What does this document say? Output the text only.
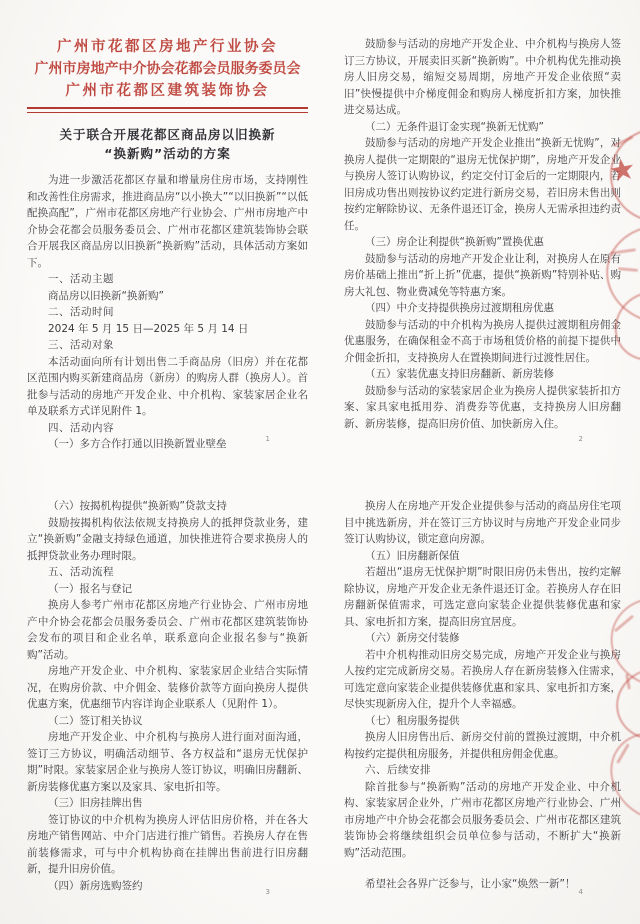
广州市花都区房地产行业协会
广州市房地产中介协会花都会员服务委员会
广州市花都区建筑装饰协会
关于联合开展花都区商品房以旧换新
“换新购”活动的方案
为进一步激活花都区存量和增量房住房市场，支持刚性和改善性住房需求，推进商品房“以小换大”“以旧换新”“以低配换高配”，广州市花都区房地产行业协会、广州市房地产中介协会花都会员服务委员会、广州市花都区建筑装饰协会联合开展我区商品房以旧换新“换新购”活动，具体活动方案如下。
一、活动主题
商品房以旧换新“换新购”
二、活动时间
2024 年 5 月 15 日—2025 年 5 月 14 日
三、活动对象
本活动面向所有计划出售二手商品房（旧房）并在花都区范围内购买新建商品房（新房）的购房人群（换房人）。首批参与活动的房地产开发企业、中介机构、家装家居企业名单及联系方式详见附件 1。
四、活动内容
（一）多方合作打通以旧换新置业壁垒	1
鼓励参与活动的房地产开发企业、中介机构与换房人签订三方协议，开展卖旧买新“换新购”。中介机构优先推动换房人旧房交易，缩短交易周期，房地产开发企业依照“卖旧”快慢提供中介梯度佣金和购房人梯度折扣方案，加快推进交易达成。
（二）无条件退订金实现“换新无忧购”
鼓励参与活动的房地产开发企业推出“换新无忧购”，对换房人提供一定期限的“退房无忧保护期”，房地产开发企业与换房人签订认购协议，约定交付订金后的一定期限内，若旧房成功售出则按协议约定进行新房交易，若旧房未售出则按约定解除协议、无条件退还订金，换房人无需承担违约责任。
（三）房企让利提供“换新购”置换优惠
鼓励参与活动的房地产开发企业让利，对换房人在原有房价基础上推出“折上折”优惠，提供“换新购”特别补贴、购房大礼包、物业费减免等特惠方案。
（四）中介支持提供换房过渡期租房优惠
鼓励参与活动的中介机构为换房人提供过渡期租房佣金优惠服务，在确保租金不高于市场租赁价格的前提下提供中介佣金折扣，支持换房人在置换期间进行过渡性居住。
（五）家装优惠支持旧房翻新、新房装修
鼓励参与活动的家装家居企业为换房人提供家装折扣方案、家具家电抵用券、消费券等优惠，支持换房人旧房翻新、新房装修，提高旧房价值、加快新房入住。
2
（六）按揭机构提供“换新购”贷款支持
鼓励按揭机构依法依规支持换房人的抵押贷款业务，建立“换新购”金融支持绿色通道，加快推进符合要求换房人的抵押贷款业务办理时限。
五、活动流程
（一）报名与登记
换房人参考广州市花都区房地产行业协会、广州市房地产中介协会花都会员服务委员会、广州市花都区建筑装饰协会发布的项目和企业名单，联系意向企业报名参与“换新购”活动。
房地产开发企业、中介机构、家装家居企业结合实际情况，在购房价款、中介佣金、装修价款等方面向换房人提供优惠方案，优惠细节内容详询企业联系人（见附件 1）。
（二）签订相关协议
房地产开发企业、中介机构与换房人进行面对面沟通，签订三方协议，明确活动细节、各方权益和“退房无忧保护期”时限。家装家居企业与换房人签订协议，明确旧房翻新、新房装修优惠方案以及家具、家电折扣等。
（三）旧房挂牌出售
签订协议的中介机构为换房人评估旧房价格，并在各大房地产销售网站、中介门店进行推广销售。若换房人存在售前装修需求，可与中介机构协商在挂牌出售前进行旧房翻新，提升旧房价值。
（四）新房选购签约
3
换房人在房地产开发企业提供参与活动的商品房住宅项目中挑选新房，并在签订三方协议时与房地产开发企业同步签订认购协议，锁定意向房源。
（五）旧房翻新保值
若超出“退房无忧保护期”时限旧房仍未售出，按约定解除协议，房地产开发企业无条件退还订金。若换房人存在旧房翻新保值需求，可选定意向家装企业提供装修优惠和家具、家电折扣方案，提高旧房宜居度。
（六）新房交付装修
若中介机构推动旧房交易完成，房地产开发企业与换房人按约定完成新房交易。若换房人存在新房装修入住需求，可选定意向家装企业提供装修优惠和家具、家电折扣方案，尽快实现新房入住，提升个人幸福感。
（七）租房服务提供
换房人旧房售出后、新房交付前的置换过渡期，中介机构按约定提供租房服务，并提供租房佣金优惠。
六、后续安排
除首批参与“换新购”活动的房地产开发企业、中介机构、家装家居企业外，广州市花都区房地产行业协会、广州市房地产中介协会花都会员服务委员会、广州市花都区建筑装饰协会将继续组织会员单位参与活动，不断扩大“换新购”活动范围。
希望社会各界广泛参与，让小家“焕然一新”！
4
★
